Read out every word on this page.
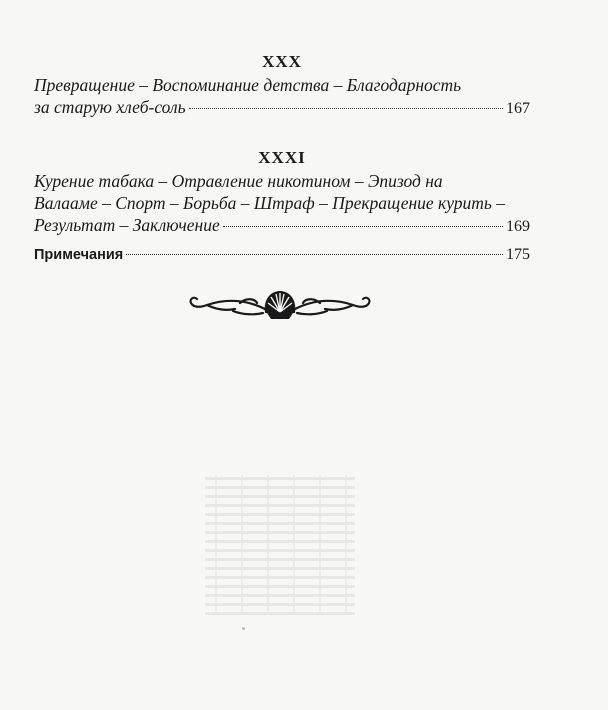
XXX
Превращение – Воспоминание детства – Благодарность
за старую хлеб-соль	167
XXXI
Курение табака – Отравление никотином – Эпизод на
Валааме – Спорт – Борьба – Штраф – Прекращение курить –
Результат – Заключение	169
Примечания	175
